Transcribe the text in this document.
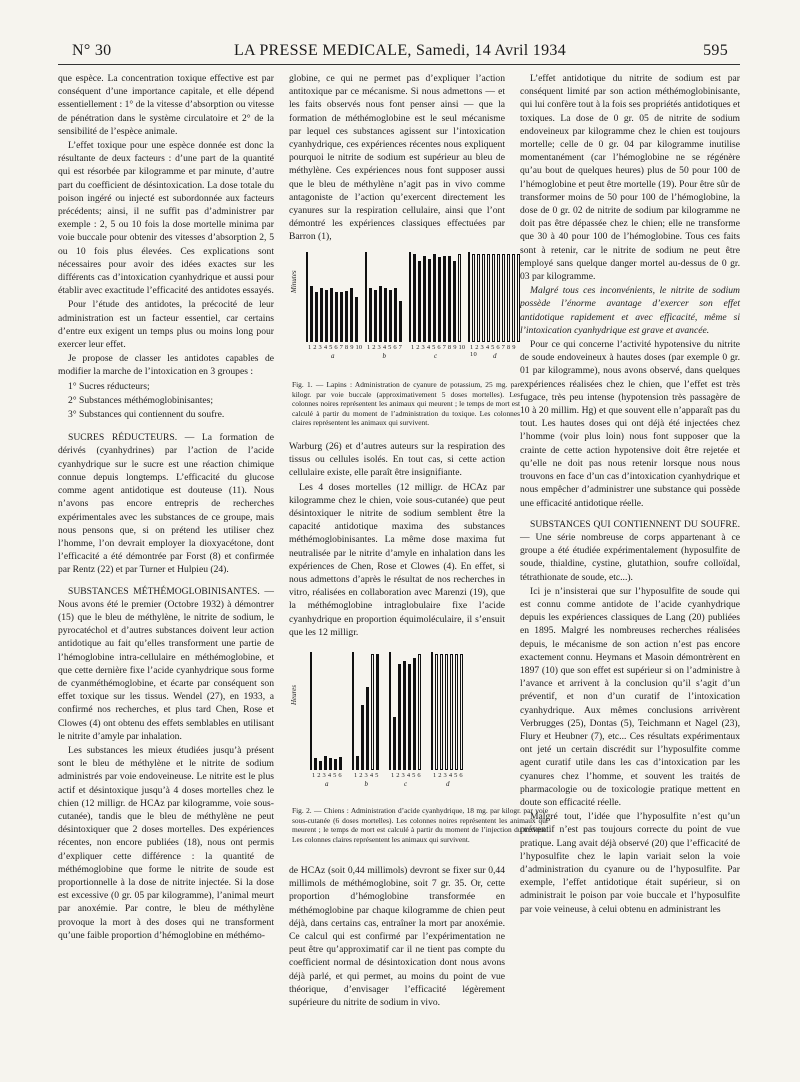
N° 30	LA PRESSE MEDICALE, Samedi, 14 Avril 1934	595

que espèce. La concentration toxique effective est par conséquent d’une importance capitale, et elle dépend essentiellement : 1° de la vitesse d’absorption ou vitesse de pénétration dans le système circulatoire et 2° de la sensibilité de l’espèce animale.

L’effet toxique pour une espèce donnée est donc la résultante de deux facteurs : d’une part de la quantité qui est résorbée par kilogramme et par minute, d’autre part du coefficient de désintoxication. La dose totale du poison ingéré ou injecté est subordonnée aux facteurs précédents; ainsi, il ne suffit pas d’administrer par exemple : 2, 5 ou 10 fois la dose mortelle minima par voie buccale pour obtenir des vitesses d’absorption 2, 5 ou 10 fois plus élevées. Ces explications sont nécessaires pour avoir des idées exactes sur les différents cas d’intoxication cyanhydrique et aussi pour établir avec exactitude l’efficacité des antidotes essayés.

Pour l’étude des antidotes, la précocité de leur administration est un facteur essentiel, car certains d’entre eux exigent un temps plus ou moins long pour exercer leur effet.

Je propose de classer les antidotes capables de modifier la marche de l’intoxication en 3 groupes :

1° Sucres réducteurs;

2° Substances méthémoglobinisantes;

3° Substances qui contiennent du soufre.

SUCRES RÉDUCTEURS. — La formation de dérivés (cyanhydrines) par l’action de l’acide cyanhydrique sur le sucre est une réaction chimique connue depuis longtemps. L’efficacité du glucose comme agent antidotique est douteuse (11). Nous n’avons pas encore entrepris de recherches expérimentales avec les substances de ce groupe, mais nous pensons que, si on prétend les utiliser chez l’homme, l’on devrait employer la dioxyacétone, dont l’efficacité a été démontrée par Forst (8) et confirmée par Rentz (22) et par Turner et Hulpieu (24).

SUBSTANCES MÉTHÉMOGLOBINISANTES. — Nous avons été le premier (Octobre 1932) à démontrer (15) que le bleu de méthylène, le nitrite de sodium, le pyrocatéchol et d’autres substances doivent leur action antidotique au fait qu’elles transforment une partie de l’hémoglobine intra-cellulaire en méthémoglobine, et que cette dernière fixe l’acide cyanhydrique sous forme de cyanméthémoglobine, et écarte par conséquent son effet toxique sur les tissus. Wendel (27), en 1933, a confirmé nos recherches, et plus tard Chen, Rose et Clowes (4) ont obtenu des effets semblables en utilisant le nitrite d’amyle par inhalation.

Les substances les mieux étudiées jusqu’à présent sont le bleu de méthylène et le nitrite de sodium administrés par voie endoveineuse. Le nitrite est le plus actif et désintoxique jusqu’à 4 doses mortelles chez le chien (12 milligr. de HCAz par kilogramme, voie sous-cutanée), tandis que le bleu de méthylène ne peut désintoxiquer que 2 doses mortelles. Des expériences récentes, non encore publiées (18), nous ont permis d’expliquer cette différence : la quantité de méthémoglobine que forme le nitrite de soude est proportionnelle à la dose de nitrite injectée. Si la dose est excessive (0 gr. 05 par kilogramme), l’animal meurt par anoxémie. Par contre, le bleu de méthylène provoque la mort à des doses qui ne transforment qu’une faible proportion d’hémoglobine en méthémo-

globine, ce qui ne permet pas d’expliquer l’action antitoxique par ce mécanisme. Si nous admettons — et les faits observés nous font penser ainsi — que la formation de méthémoglobine est le seul mécanisme par lequel ces substances agissent sur l’intoxication cyanhydrique, ces expériences récentes nous expliquent pourquoi le nitrite de sodium est supérieur au bleu de méthylène. Ces expériences nous font supposer aussi que le bleu de méthylène n’agit pas in vivo comme antagoniste de l’action qu’exercent directement les cyanures sur la respiration cellulaire, ainsi que l’ont démontré les expériences classiques effectuées par Barron (1),

Minutes
1 2 3 4 5 6 7 8 9 10
a
1 2 3 4 5 6 7
b
1 2 3 4 5 6 7 8 9 10
c
1 2 3 4 5 6 7 8 9 10	d
Fig. 1. — Lapins : Administration de cyanure de potassium, 25 mg. par kilogr. par voie buccale (approximativement 5 doses mortelles). Les colonnes noires représentent les animaux qui meurent ; le temps de mort est calculé à partir du moment de l’administration du toxique. Les colonnes claires représentent les animaux qui survivent.

Warburg (26) et d’autres auteurs sur la respiration des tissus ou cellules isolés. En tout cas, si cette action cellulaire existe, elle paraît être insignifiante.

Les 4 doses mortelles (12 milligr. de HCAz par kilogramme chez le chien, voie sous-cutanée) que peut désintoxiquer le nitrite de sodium semblent être la capacité antidotique maxima des substances méthémoglobinisantes. La même dose maxima fut neutralisée par le nitrite d’amyle en inhalation dans les expériences de Chen, Rose et Clowes (4). En effet, si nous admettons d’après le résultat de nos recherches in vitro, réalisées en collaboration avec Marenzi (19), que la méthémoglobine intraglobulaire fixe l’acide cyanhydrique en proportion équimoléculaire, il s’ensuit que les 12 milligr.

Heures
1 2 3 4 5 6
a
1 2 3 4 5
b
1 2 3 4 5 6
c
1 2 3 4 5 6
d
Fig. 2. — Chiens : Administration d’acide cyanhydrique, 18 mg. par kilogr. par voie sous-cutanée (6 doses mortelles). Les colonnes noires représentent les animaux qui meurent ; le temps de mort est calculé à partir du moment de l’injection du toxique. Les colonnes claires représentent les animaux qui survivent.

de HCAz (soit 0,44 millimols) devront se fixer sur 0,44 millimols de méthémoglobine, soit 7 gr. 35. Or, cette proportion d’hémoglobine transformée en méthémoglobine par chaque kilogramme de chien peut déjà, dans certains cas, entraîner la mort par anoxémie. Ce calcul qui est confirmé par l’expérimentation ne peut être qu’approximatif car il ne tient pas compte du coefficient normal de désintoxication dont nous avons déjà parlé, et qui permet, au moins du point de vue théorique, d’envisager l’efficacité légèrement supérieure du nitrite de sodium in vivo.

L’effet antidotique du nitrite de sodium est par conséquent limité par son action méthémoglobinisante, qui lui confère tout à la fois ses propriétés antidotiques et toxiques. La dose de 0 gr. 05 de nitrite de sodium endoveineux par kilogramme chez le chien est toujours mortelle; celle de 0 gr. 04 par kilogramme inutilise momentanément (car l’hémoglobine ne se régénère qu’au bout de quelques heures) plus de 50 pour 100 de l’hémoglobine et peut être mortelle (19). Pour être sûr de transformer moins de 50 pour 100 de l’hémoglobine, la dose de 0 gr. 02 de nitrite de sodium par kilogramme ne doit pas être dépassée chez le chien; elle ne transforme que 30 à 40 pour 100 de l’hémoglobine. Tous ces faits sont à retenir, car le nitrite de sodium ne peut être employé sans quelque danger mortel au-dessus de 0 gr. 03 par kilogramme.

Malgré tous ces inconvénients, le nitrite de sodium possède l’énorme avantage d’exercer son effet antidotique rapidement et avec efficacité, même si l’intoxication cyanhydrique est grave et avancée.

Pour ce qui concerne l’activité hypotensive du nitrite de soude endoveineux à hautes doses (par exemple 0 gr. 01 par kilogramme), nous avons observé, dans quelques expériences réalisées chez le chien, que l’effet est très fugace, très peu intense (hypotension très passagère de 10 à 20 millim. Hg) et que souvent elle n’apparaît pas du tout. Les hautes doses qui ont déjà été injectées chez l’homme (voir plus loin) nous font supposer que la crainte de cette action hypotensive doit être rejetée et qu’elle ne doit pas nous retenir lorsque nous nous trouvons en face d’un cas d’intoxication cyanhydrique et nous empêcher d’administrer une substance qui possède une efficacité antidotique réelle.

SUBSTANCES QUI CONTIENNENT DU SOUFRE. — Une série nombreuse de corps appartenant à ce groupe a été étudiée expérimentalement (hyposulfite de soude, thialdine, cystine, glutathion, soufre colloïdal, tétrathionate de soude, etc...).

Ici je n’insisterai que sur l’hyposulfite de soude qui est connu comme antidote de l’acide cyanhydrique depuis les expériences classiques de Lang (20) publiées en 1895. Malgré les nombreuses recherches réalisées depuis, le mécanisme de son action n’est pas encore exactement connu. Heymans et Masoin démontrèrent en 1897 (10) que son effet est supérieur si on l’administre à l’avance et arrivent à la conclusion qu’il s’agit d’un préventif, et non d’un curatif de l’intoxication cyanhydrique. Aux mêmes conclusions arrivèrent Verbrugges (25), Dontas (5), Teichmann et Nagel (23), Flury et Heubner (7), etc... Ces résultats expérimentaux ont jeté un certain discrédit sur l’hyposulfite comme agent curatif utile dans les cas d’intoxication par les cyanures chez l’homme, et souvent les traités de pharmacologie ou de toxicologie pratique mettent en doute son efficacité réelle.

Malgré tout, l’idée que l’hyposulfite n’est qu’un préventif n’est pas toujours correcte du point de vue pratique. Lang avait déjà observé (20) que l’efficacité de l’hyposulfite chez le lapin variait selon la voie d’administration du cyanure ou de l’hyposulfite. Par exemple, l’effet antidotique était supérieur, si on administrait le poison par voie buccale et l’hyposulfite par voie veineuse, à celui obtenu en administrant les
